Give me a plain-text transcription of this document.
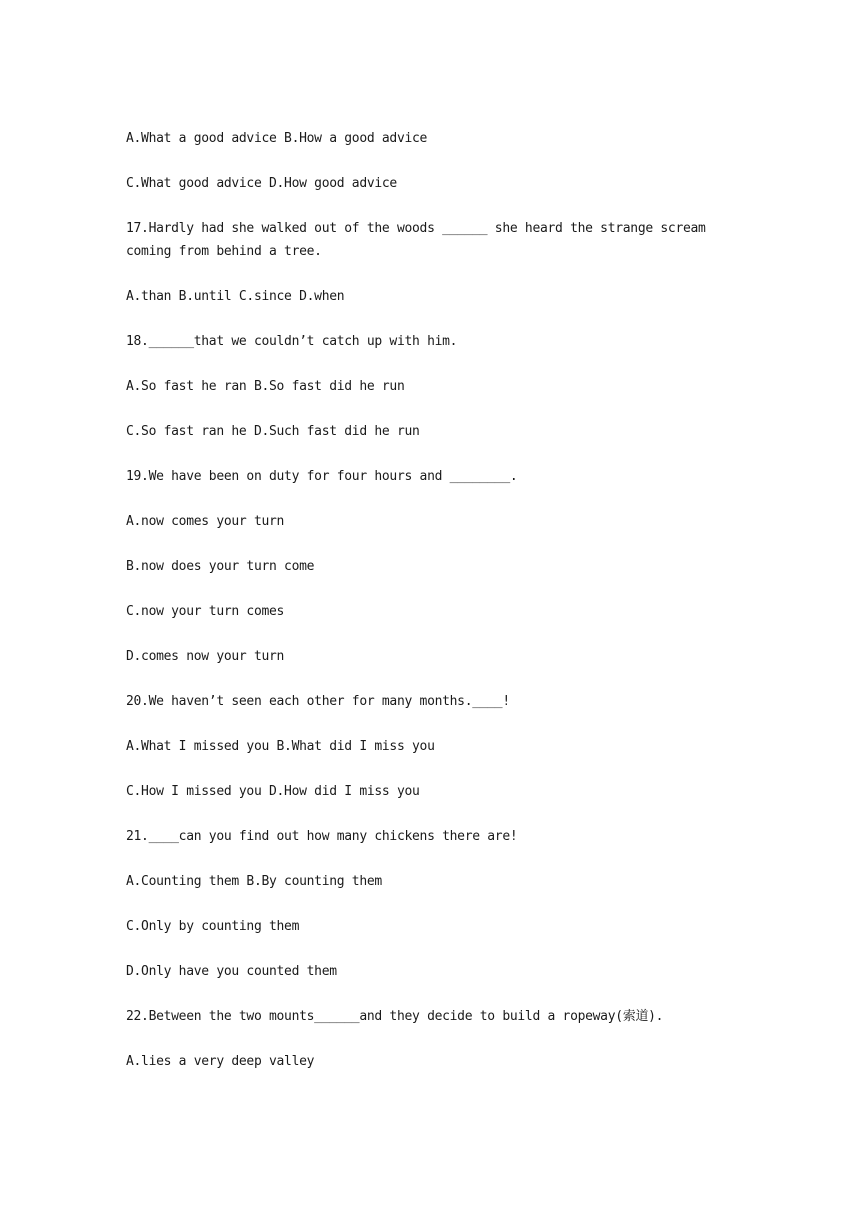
A.What a good advice B.How a good advice
C.What good advice D.How good advice
17.Hardly had she walked out of the woods ______ she heard the strange scream coming from behind a tree.
A.than B.until C.since D.when
18.______that we couldn’t catch up with him.
A.So fast he ran B.So fast did he run
C.So fast ran he D.Such fast did he run
19.We have been on duty for four hours and ________.
A.now comes your turn
B.now does your turn come
C.now your turn comes
D.comes now your turn
20.We haven’t seen each other for many months.____!
A.What I missed you B.What did I miss you
C.How I missed you D.How did I miss you
21.____can you find out how many chickens there are!
A.Counting them B.By counting them
C.Only by counting them
D.Only have you counted them
22.Between the two mounts______and they decide to build a ropeway(索道).
A.lies a very deep valley
